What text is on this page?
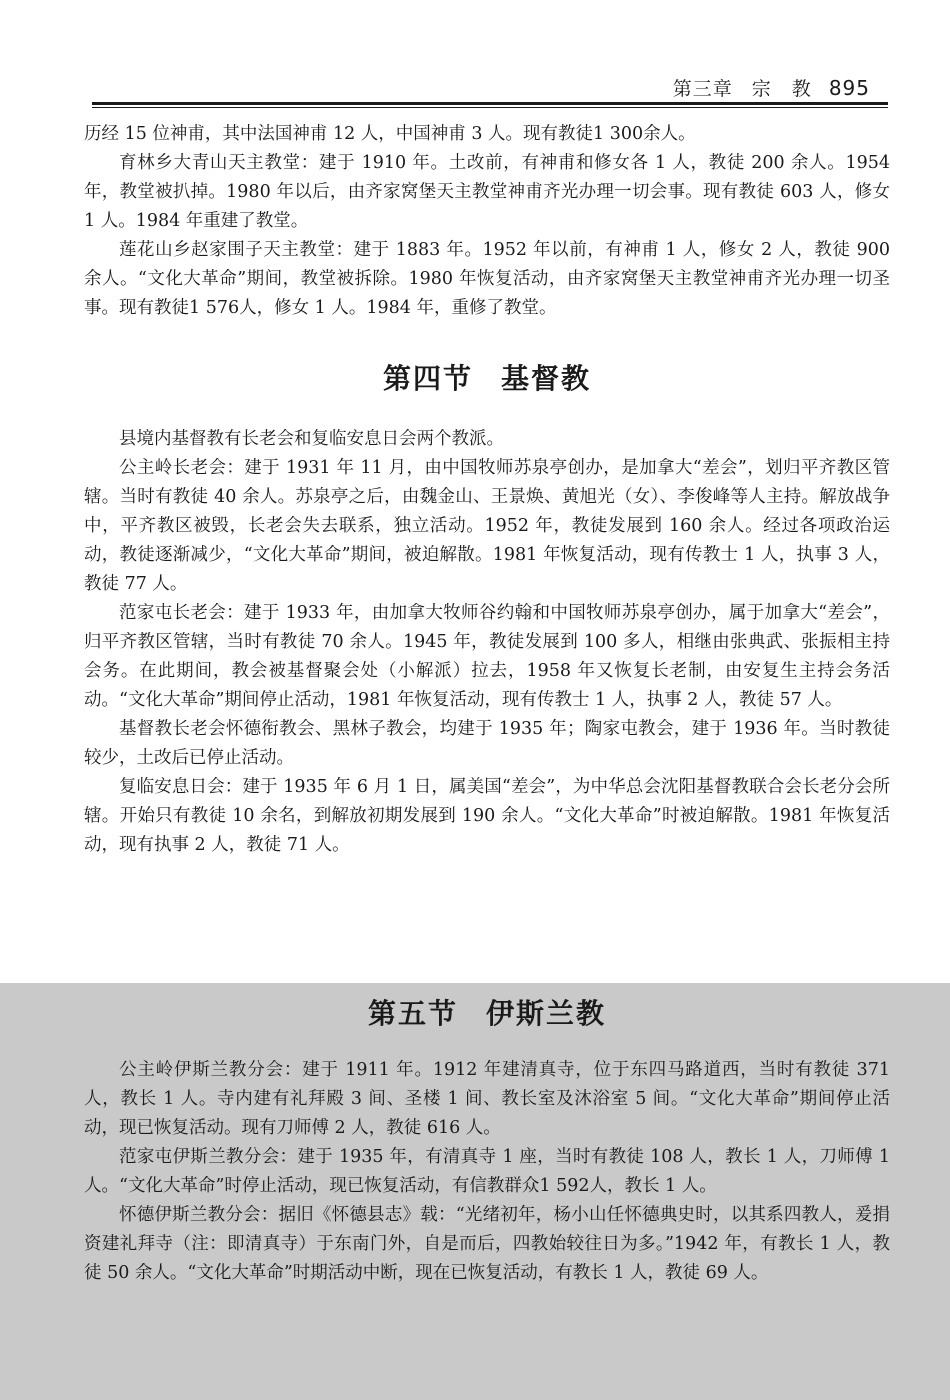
第三章 宗　教 895

历经 15 位神甫，其中法国神甫 12 人，中国神甫 3 人。现有教徒1 300余人。

育林乡大青山天主教堂：建于 1910 年。土改前，有神甫和修女各 1 人，教徒 200 余人。1954 年，教堂被扒掉。1980 年以后，由齐家窝堡天主教堂神甫齐光办理一切会事。现有教徒 603 人，修女 1 人。1984 年重建了教堂。

莲花山乡赵家围子天主教堂：建于 1883 年。1952 年以前，有神甫 1 人，修女 2 人，教徒 900 余人。“文化大革命”期间，教堂被拆除。1980 年恢复活动，由齐家窝堡天主教堂神甫齐光办理一切圣事。现有教徒1 576人，修女 1 人。1984 年，重修了教堂。

第四节 基督教

县境内基督教有长老会和复临安息日会两个教派。

公主岭长老会：建于 1931 年 11 月，由中国牧师苏泉亭创办，是加拿大“差会”，划归平齐教区管辖。当时有教徒 40 余人。苏泉亭之后，由魏金山、王景焕、黄旭光（女）、李俊峰等人主持。解放战争中，平齐教区被毁，长老会失去联系，独立活动。1952 年，教徒发展到 160 余人。经过各项政治运动，教徒逐渐减少，“文化大革命”期间，被迫解散。1981 年恢复活动，现有传教士 1 人，执事 3 人，教徒 77 人。

范家屯长老会：建于 1933 年，由加拿大牧师谷约翰和中国牧师苏泉亭创办，属于加拿大“差会”，归平齐教区管辖，当时有教徒 70 余人。1945 年，教徒发展到 100 多人，相继由张典武、张振相主持会务。在此期间，教会被基督聚会处（小解派）拉去，1958 年又恢复长老制，由安复生主持会务活动。“文化大革命”期间停止活动，1981 年恢复活动，现有传教士 1 人，执事 2 人，教徒 57 人。

基督教长老会怀德衔教会、黑林子教会，均建于 1935 年；陶家屯教会，建于 1936 年。当时教徒较少，土改后已停止活动。

复临安息日会：建于 1935 年 6 月 1 日，属美国“差会”，为中华总会沈阳基督教联合会长老分会所辖。开始只有教徒 10 余名，到解放初期发展到 190 余人。“文化大革命”时被迫解散。1981 年恢复活动，现有执事 2 人，教徒 71 人。

第五节 伊斯兰教

公主岭伊斯兰教分会：建于 1911 年。1912 年建清真寺，位于东四马路道西，当时有教徒 371 人，教长 1 人。寺内建有礼拜殿 3 间、圣楼 1 间、教长室及沐浴室 5 间。“文化大革命”期间停止活动，现已恢复活动。现有刀师傅 2 人，教徒 616 人。

范家屯伊斯兰教分会：建于 1935 年，有清真寺 1 座，当时有教徒 108 人，教长 1 人，刀师傅 1 人。“文化大革命”时停止活动，现已恢复活动，有信教群众1 592人，教长 1 人。

怀德伊斯兰教分会：据旧《怀德县志》载：“光绪初年，杨小山任怀德典史时，以其系四教人，爰捐资建礼拜寺（注：即清真寺）于东南门外，自是而后，四教始较往日为多。”1942 年，有教长 1 人，教徒 50 余人。“文化大革命”时期活动中断，现在已恢复活动，有教长 1 人，教徒 69 人。
